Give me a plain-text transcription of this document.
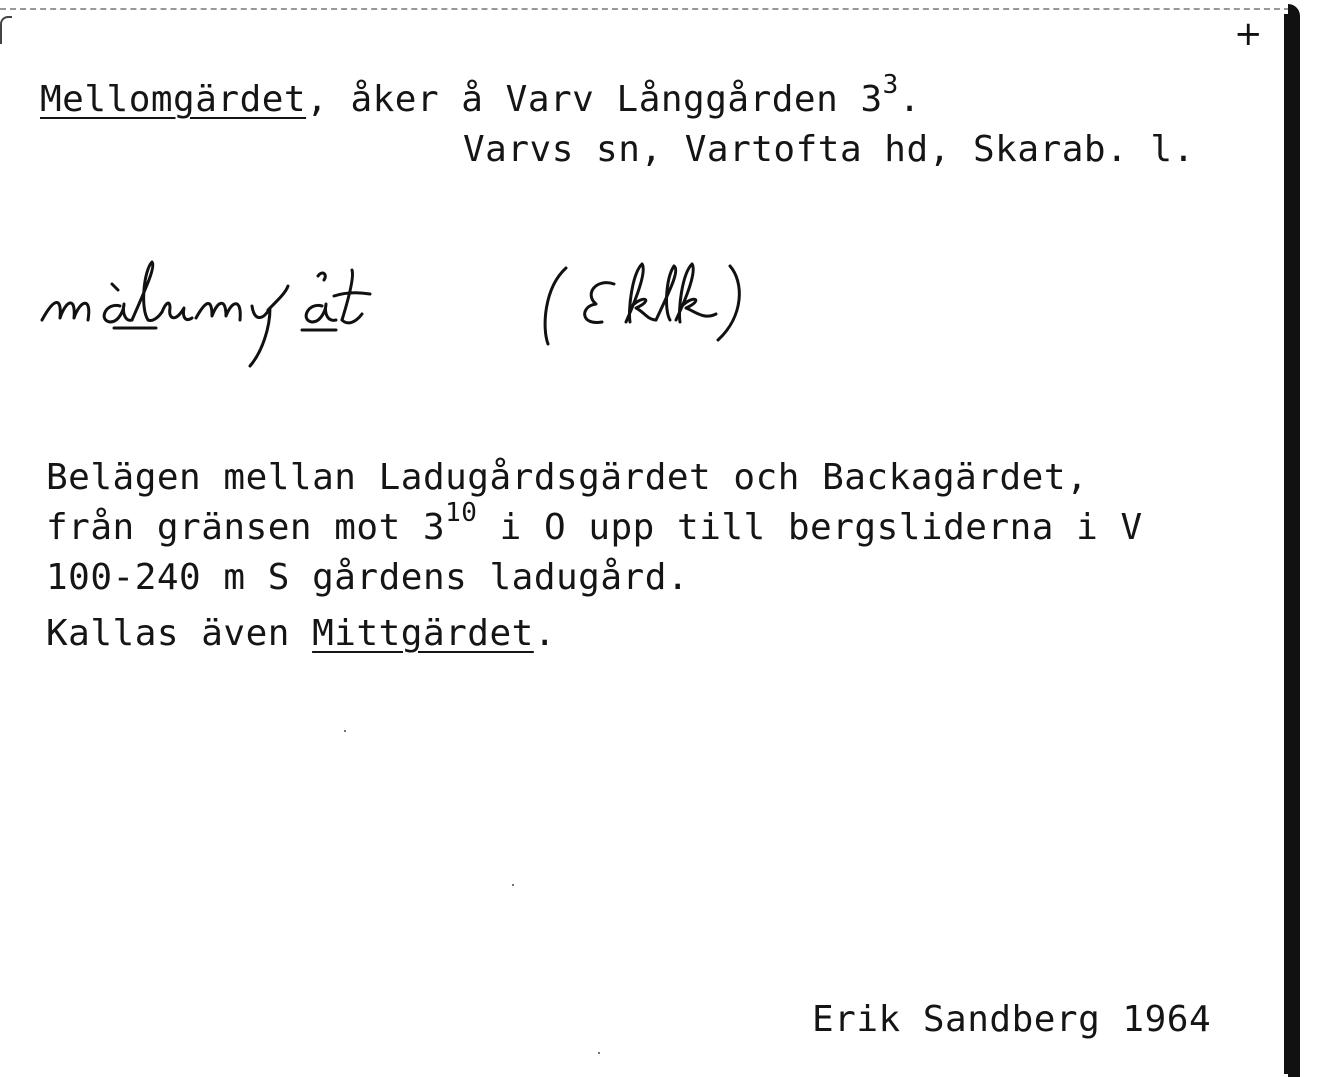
+
Mellomgärdet, åker å Varv Långgården $3^3$.
Varvs sn, Vartofta hd, Skarab. l.
Belägen mellan Ladugårdsgärdet och Backagärdet,
från gränsen mot $3^{10}$ i O upp till bergsliderna i V
100-240 m S gårdens ladugård.
Kallas även Mittgärdet.
Erik Sandberg 1964
